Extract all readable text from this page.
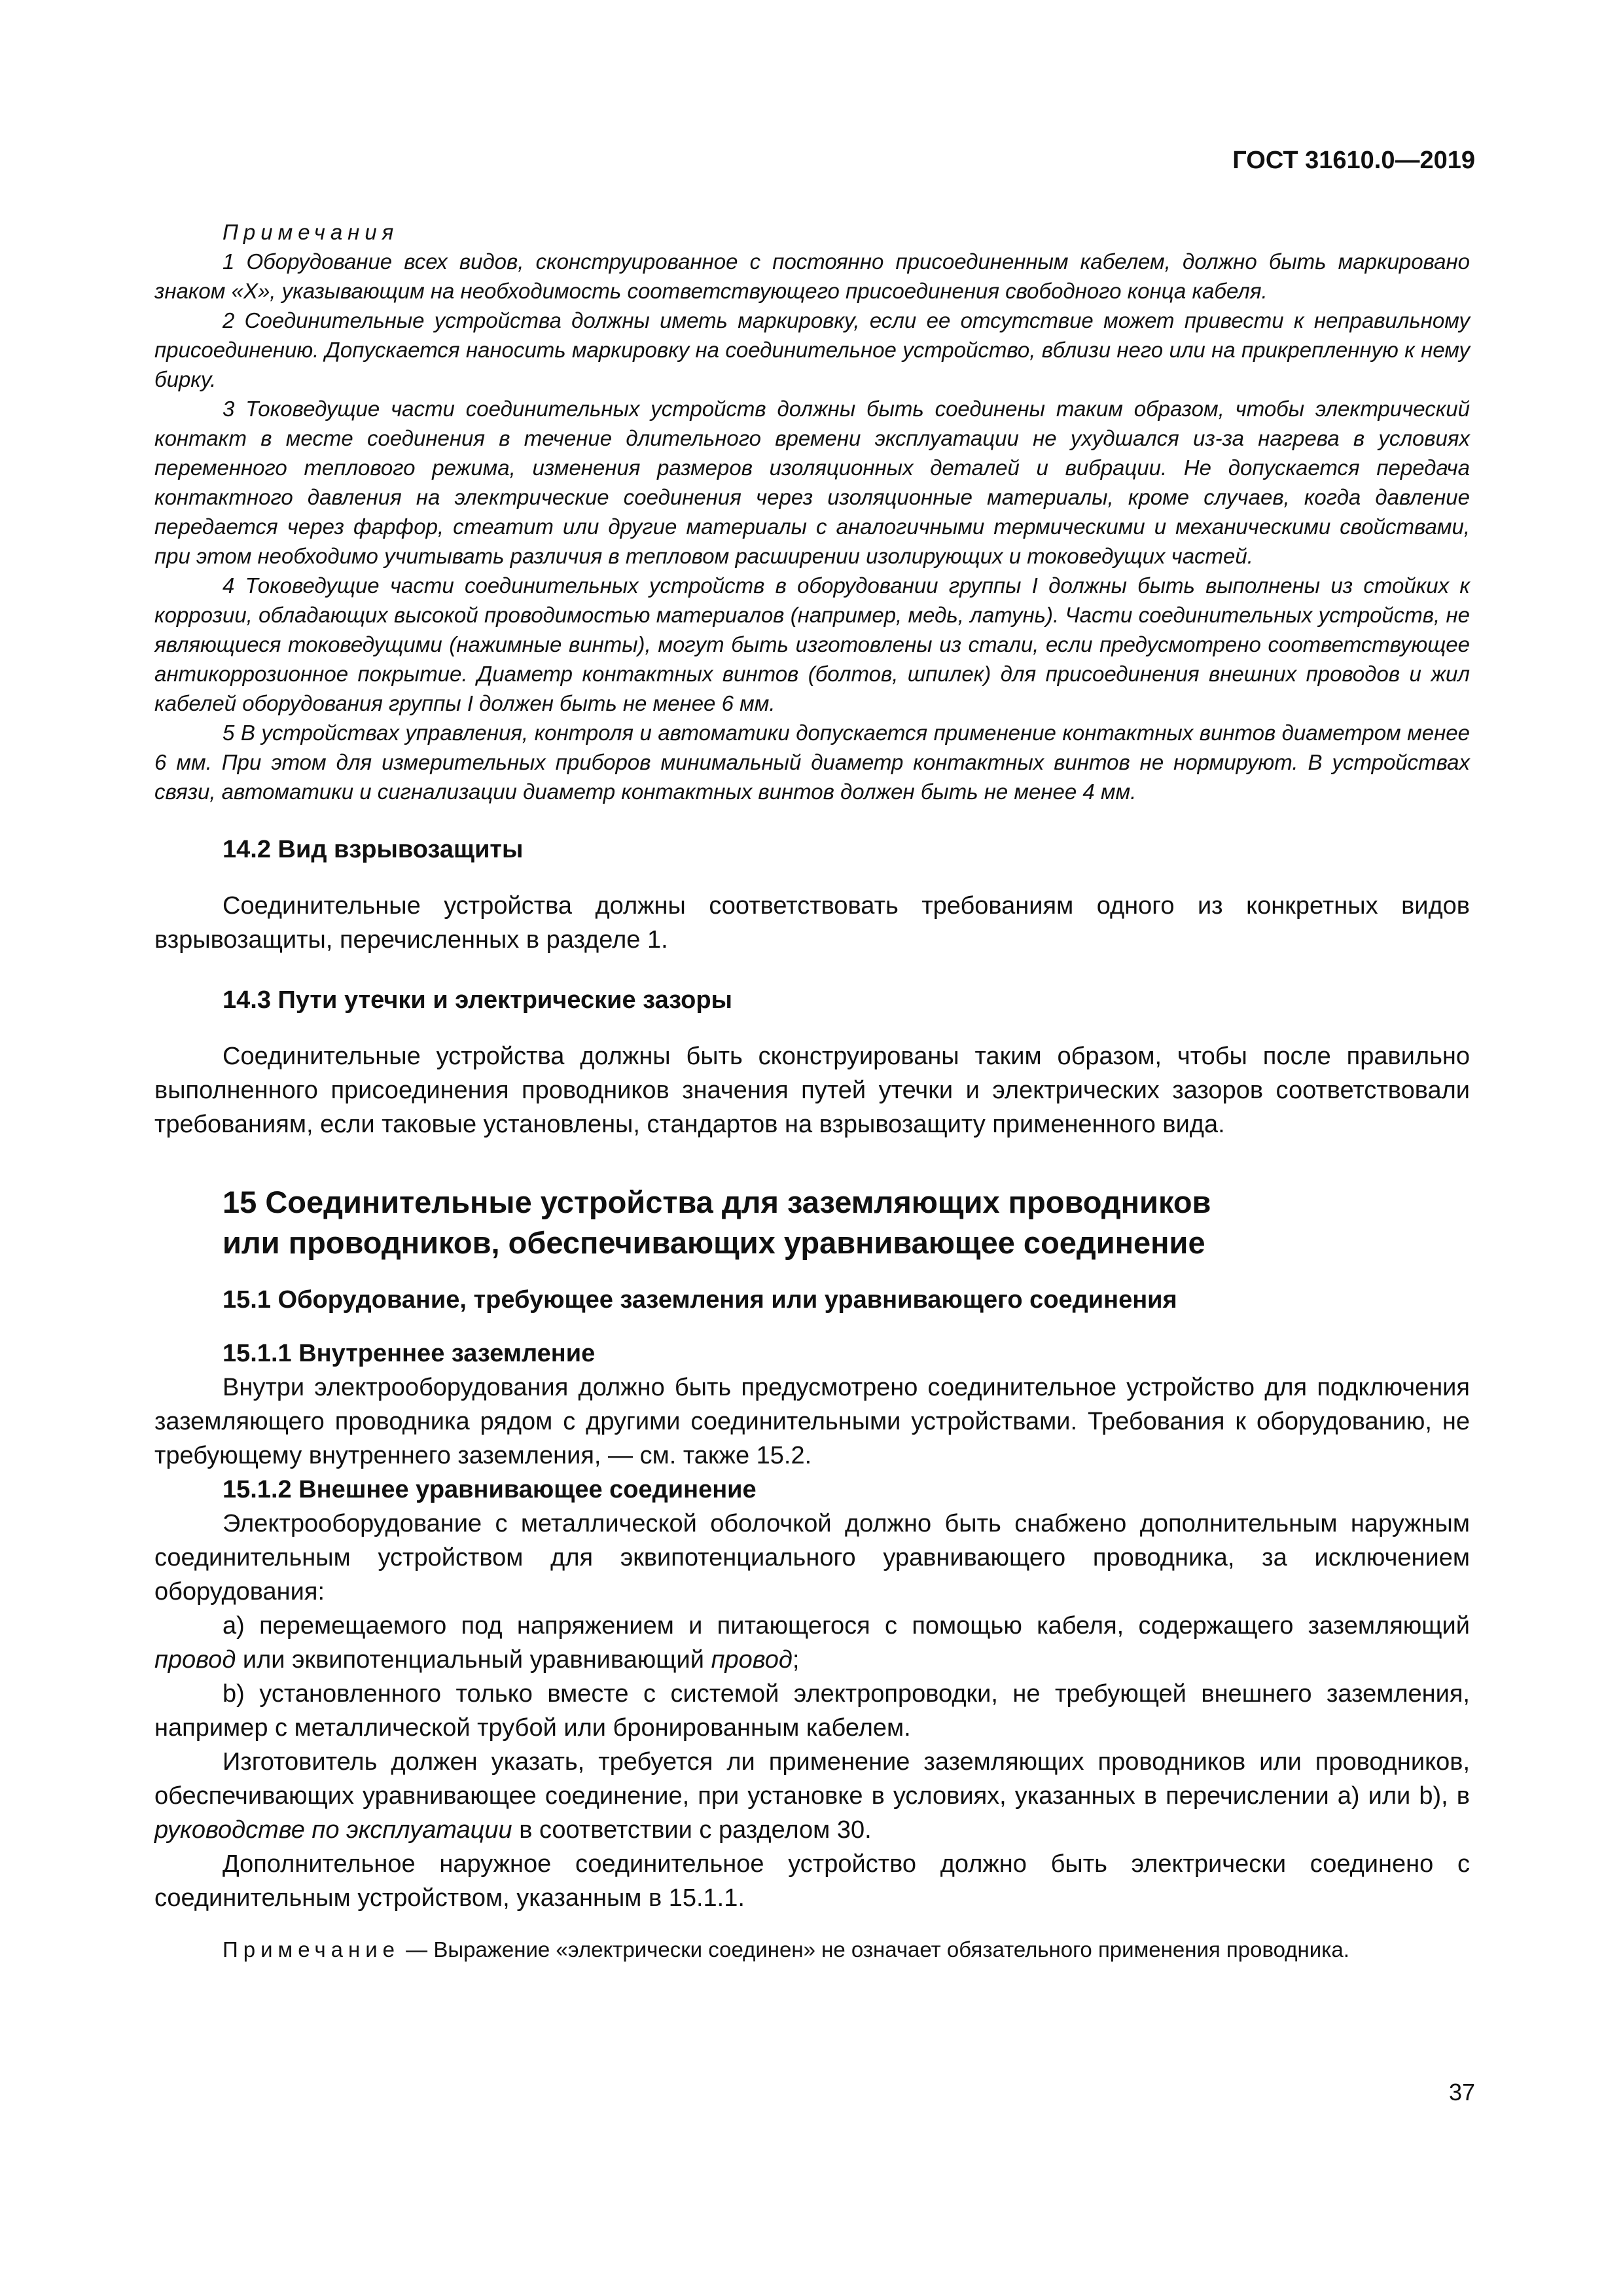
ГОСТ 31610.0—2019

Примечания

1 Оборудование всех видов, сконструированное с постоянно присоединенным кабелем, должно быть маркировано знаком «X», указывающим на необходимость соответствующего присоединения свободного конца кабеля.

2 Соединительные устройства должны иметь маркировку, если ее отсутствие может привести к неправильному присоединению. Допускается наносить маркировку на соединительное устройство, вблизи него или на прикрепленную к нему бирку.

3 Токоведущие части соединительных устройств должны быть соединены таким образом, чтобы электрический контакт в месте соединения в течение длительного времени эксплуатации не ухудшался из-за нагрева в условиях переменного теплового режима, изменения размеров изоляционных деталей и вибрации. Не допускается передача контактного давления на электрические соединения через изоляционные материалы, кроме случаев, когда давление передается через фарфор, стеатит или другие материалы с аналогичными термическими и механическими свойствами, при этом необходимо учитывать различия в тепловом расширении изолирующих и токоведущих частей.

4 Токоведущие части соединительных устройств в оборудовании группы I должны быть выполнены из стойких к коррозии, обладающих высокой проводимостью материалов (например, медь, латунь). Части соединительных устройств, не являющиеся токоведущими (нажимные винты), могут быть изготовлены из стали, если предусмотрено соответствующее антикоррозионное покрытие. Диаметр контактных винтов (болтов, шпилек) для присоединения внешних проводов и жил кабелей оборудования группы I должен быть не менее 6 мм.

5 В устройствах управления, контроля и автоматики допускается применение контактных винтов диаметром менее 6 мм. При этом для измерительных приборов минимальный диаметр контактных винтов не нормируют. В устройствах связи, автоматики и сигнализации диаметр контактных винтов должен быть не менее 4 мм.

14.2 Вид взрывозащиты

Соединительные устройства должны соответствовать требованиям одного из конкретных видов взрывозащиты, перечисленных в разделе 1.

14.3 Пути утечки и электрические зазоры

Соединительные устройства должны быть сконструированы таким образом, чтобы после правильно выполненного присоединения проводников значения путей утечки и электрических зазоров соответствовали требованиям, если таковые установлены, стандартов на взрывозащиту примененного вида.

15 Соединительные устройства для заземляющих проводников
или проводников, обеспечивающих уравнивающее соединение
15.1 Оборудование, требующее заземления или уравнивающего соединения
15.1.1 Внутреннее заземление

Внутри электрооборудования должно быть предусмотрено соединительное устройство для подключения заземляющего проводника рядом с другими соединительными устройствами. Требования к оборудованию, не требующему внутреннего заземления, — см. также 15.2.

15.1.2 Внешнее уравнивающее соединение

Электрооборудование с металлической оболочкой должно быть снабжено дополнительным наружным соединительным устройством для эквипотенциального уравнивающего проводника, за исключением оборудования:

a) перемещаемого под напряжением и питающегося с помощью кабеля, содержащего заземляющий провод или эквипотенциальный уравнивающий провод;

b) установленного только вместе с системой электропроводки, не требующей внешнего заземления, например с металлической трубой или бронированным кабелем.

Изготовитель должен указать, требуется ли применение заземляющих проводников или проводников, обеспечивающих уравнивающее соединение, при установке в условиях, указанных в перечислении a) или b), в руководстве по эксплуатации в соответствии с разделом 30.

Дополнительное наружное соединительное устройство должно быть электрически соединено с соединительным устройством, указанным в 15.1.1.

Примечание — Выражение «электрически соединен» не означает обязательного применения проводника.

37
